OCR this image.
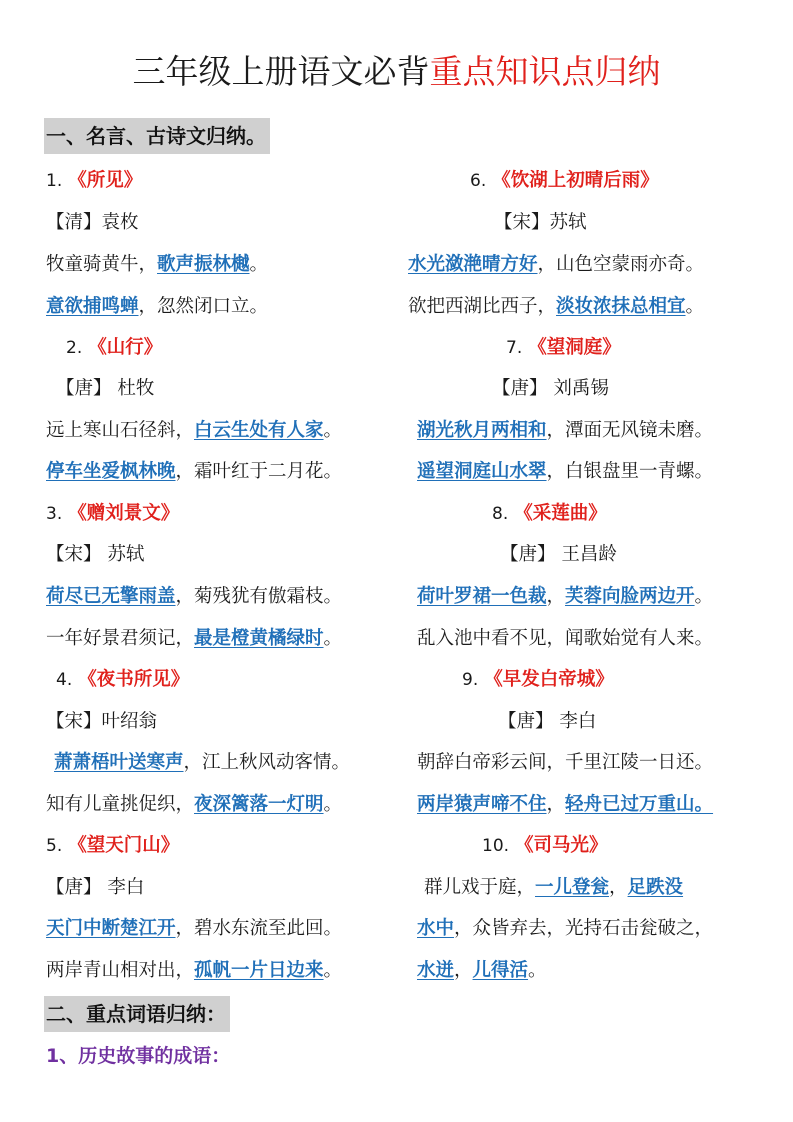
三年级上册语文必背重点知识点归纳
一、名言、古诗文归纳。
1. 《所见》
【清】袁枚
牧童骑黄牛，歌声振林樾。
意欲捕鸣蝉，忽然闭口立。
2. 《山行》
【唐】 杜牧
远上寒山石径斜，白云生处有人家。
停车坐爱枫林晚，霜叶红于二月花。
3. 《赠刘景文》
【宋】 苏轼
荷尽已无擎雨盖，菊残犹有傲霜枝。
一年好景君须记，最是橙黄橘绿时。
4. 《夜书所见》
【宋】叶绍翁
萧萧梧叶送寒声，江上秋风动客情。
知有儿童挑促织，夜深篱落一灯明。
5. 《望天门山》
【唐】 李白
天门中断楚江开，碧水东流至此回。
两岸青山相对出，孤帆一片日边来。
6. 《饮湖上初晴后雨》
【宋】苏轼
水光潋滟晴方好，山色空蒙雨亦奇。
欲把西湖比西子，淡妆浓抹总相宜。
7. 《望洞庭》
【唐】 刘禹锡
湖光秋月两相和，潭面无风镜未磨。
遥望洞庭山水翠，白银盘里一青螺。
8. 《采莲曲》
【唐】 王昌龄
荷叶罗裙一色裁，芙蓉向脸两边开。
乱入池中看不见，闻歌始觉有人来。
9. 《早发白帝城》
【唐】 李白
朝辞白帝彩云间，千里江陵一日还。
两岸猿声啼不住，轻舟已过万重山。
10. 《司马光》
群儿戏于庭，一儿登瓮，足跌没
水中，众皆弃去，光持石击瓮破之，
水迸，儿得活。
二、重点词语归纳：
1、历史故事的成语：
